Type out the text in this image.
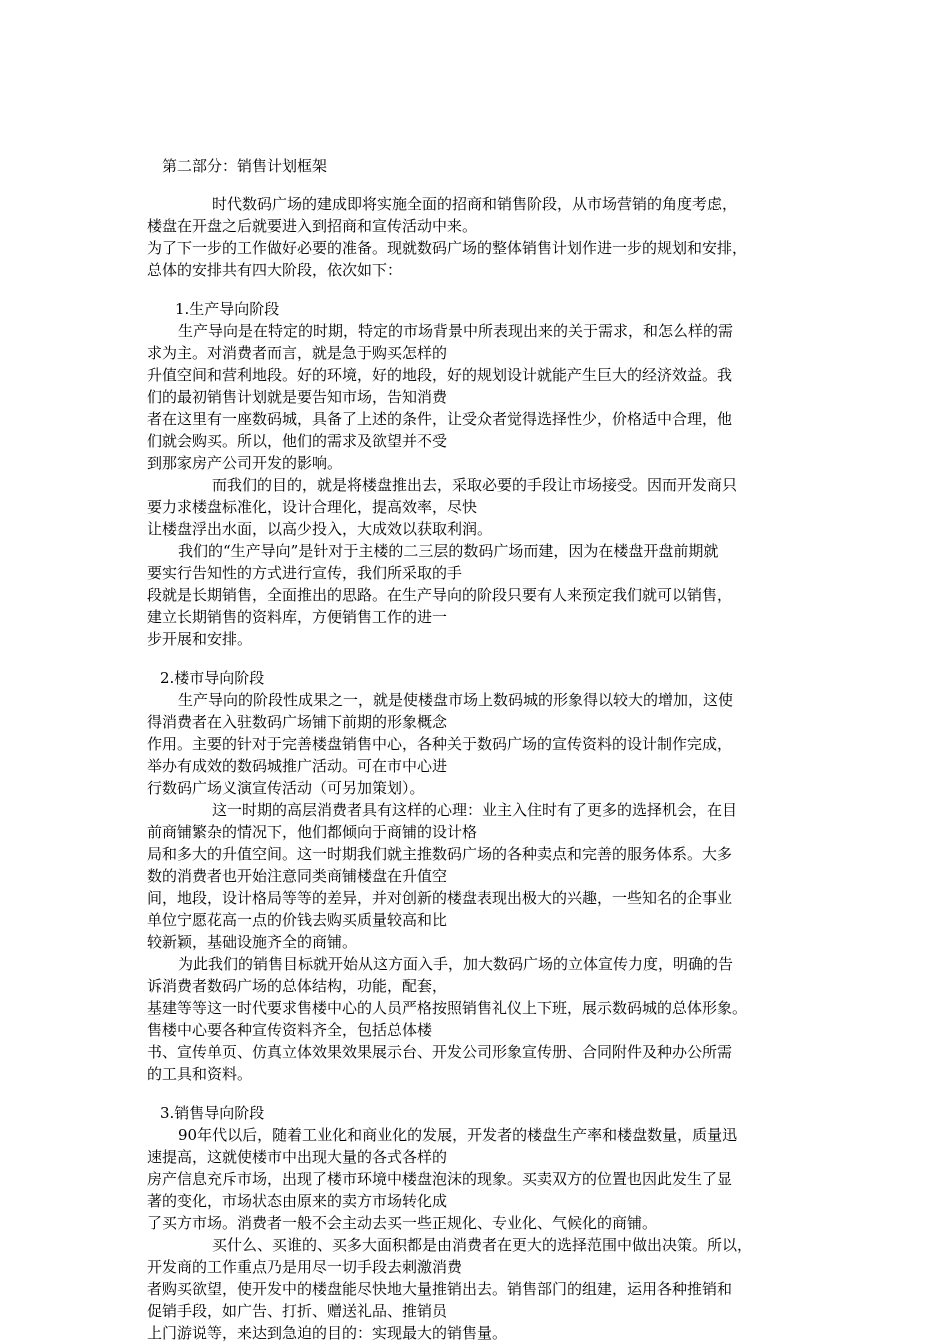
第二部分：销售计划框架
时代数码广场的建成即将实施全面的招商和销售阶段，从市场营销的角度考虑，
楼盘在开盘之后就要进入到招商和宣传活动中来。
为了下一步的工作做好必要的准备。现就数码广场的整体销售计划作进一步的规划和安排，
总体的安排共有四大阶段，依次如下：
1.生产导向阶段
生产导向是在特定的时期，特定的市场背景中所表现出来的关于需求，和怎么样的需
求为主。对消费者而言，就是急于购买怎样的
升值空间和营利地段。好的环境，好的地段，好的规划设计就能产生巨大的经济效益。我
们的最初销售计划就是要告知市场，告知消费
者在这里有一座数码城，具备了上述的条件，让受众者觉得选择性少，价格适中合理，他
们就会购买。所以，他们的需求及欲望并不受
到那家房产公司开发的影响。
而我们的目的，就是将楼盘推出去，采取必要的手段让市场接受。因而开发商只
要力求楼盘标准化，设计合理化，提高效率，尽快
让楼盘浮出水面，以高少投入，大成效以获取利润。
我们的“生产导向”是针对于主楼的二三层的数码广场而建，因为在楼盘开盘前期就
要实行告知性的方式进行宣传，我们所采取的手
段就是长期销售，全面推出的思路。在生产导向的阶段只要有人来预定我们就可以销售，
建立长期销售的资料库，方便销售工作的进一
步开展和安排。
2.楼市导向阶段
生产导向的阶段性成果之一，就是使楼盘市场上数码城的形象得以较大的增加，这使
得消费者在入驻数码广场铺下前期的形象概念
作用。主要的针对于完善楼盘销售中心，各种关于数码广场的宣传资料的设计制作完成，
举办有成效的数码城推广活动。可在市中心进
行数码广场义演宣传活动（可另加策划）。
这一时期的高层消费者具有这样的心理：业主入住时有了更多的选择机会，在目
前商铺繁杂的情况下，他们都倾向于商铺的设计格
局和多大的升值空间。这一时期我们就主推数码广场的各种卖点和完善的服务体系。大多
数的消费者也开始注意同类商铺楼盘在升值空
间，地段，设计格局等等的差异，并对创新的楼盘表现出极大的兴趣，一些知名的企事业
单位宁愿花高一点的价钱去购买质量较高和比
较新颖，基础设施齐全的商铺。
为此我们的销售目标就开始从这方面入手，加大数码广场的立体宣传力度，明确的告
诉消费者数码广场的总体结构，功能，配套，
基建等等这一时代要求售楼中心的人员严格按照销售礼仪上下班，展示数码城的总体形象。
售楼中心要各种宣传资料齐全，包括总体楼
书、宣传单页、仿真立体效果效果展示台、开发公司形象宣传册、合同附件及种办公所需
的工具和资料。
3.销售导向阶段
90年代以后，随着工业化和商业化的发展，开发者的楼盘生产率和楼盘数量，质量迅
速提高，这就使楼市中出现大量的各式各样的
房产信息充斥市场，出现了楼市环境中楼盘泡沫的现象。买卖双方的位置也因此发生了显
著的变化，市场状态由原来的卖方市场转化成
了买方市场。消费者一般不会主动去买一些正规化、专业化、气候化的商铺。
买什么、买谁的、买多大面积都是由消费者在更大的选择范围中做出决策。所以，
开发商的工作重点乃是用尽一切手段去刺激消费
者购买欲望，使开发中的楼盘能尽快地大量推销出去。销售部门的组建，运用各种推销和
促销手段，如广告、打折、赠送礼品、推销员
上门游说等，来达到急迫的目的：实现最大的销售量。
